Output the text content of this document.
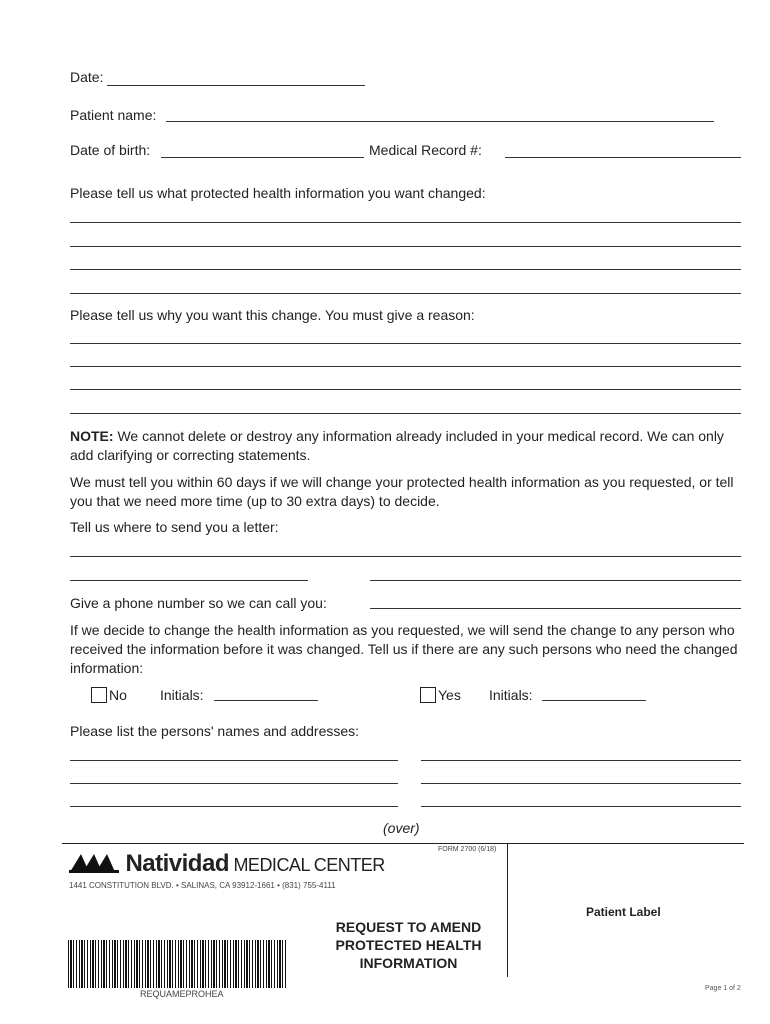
Date:
Patient name:
Date of birth:	Medical Record #:
Please tell us what protected health information you want changed:
Please tell us why you want this change. You must give a reason:
NOTE: We cannot delete or destroy any information already included in your medical record. We can only add clarifying or correcting statements.
We must tell you within 60 days if we will change your protected health information as you requested, or tell you that we need more time (up to 30 extra days) to decide.
Tell us where to send you a letter:
Give a phone number so we can call you:
If we decide to change the health information as you requested, we will send the change to any person who received the information before it was changed. Tell us if there are any such persons who need the changed information:
No Initials:	Yes Initials:
Please list the persons' names and addresses:
(over)
FORM 2700 (6/18)
Natividad MEDICAL CENTER
1441 CONSTITUTION BLVD. • SALINAS, CA 93912-1661 • (831) 755-4111
REQUEST TO AMEND PROTECTED HEALTH INFORMATION
Patient Label
REQUAMEPROHEA
Page 1 of 2
